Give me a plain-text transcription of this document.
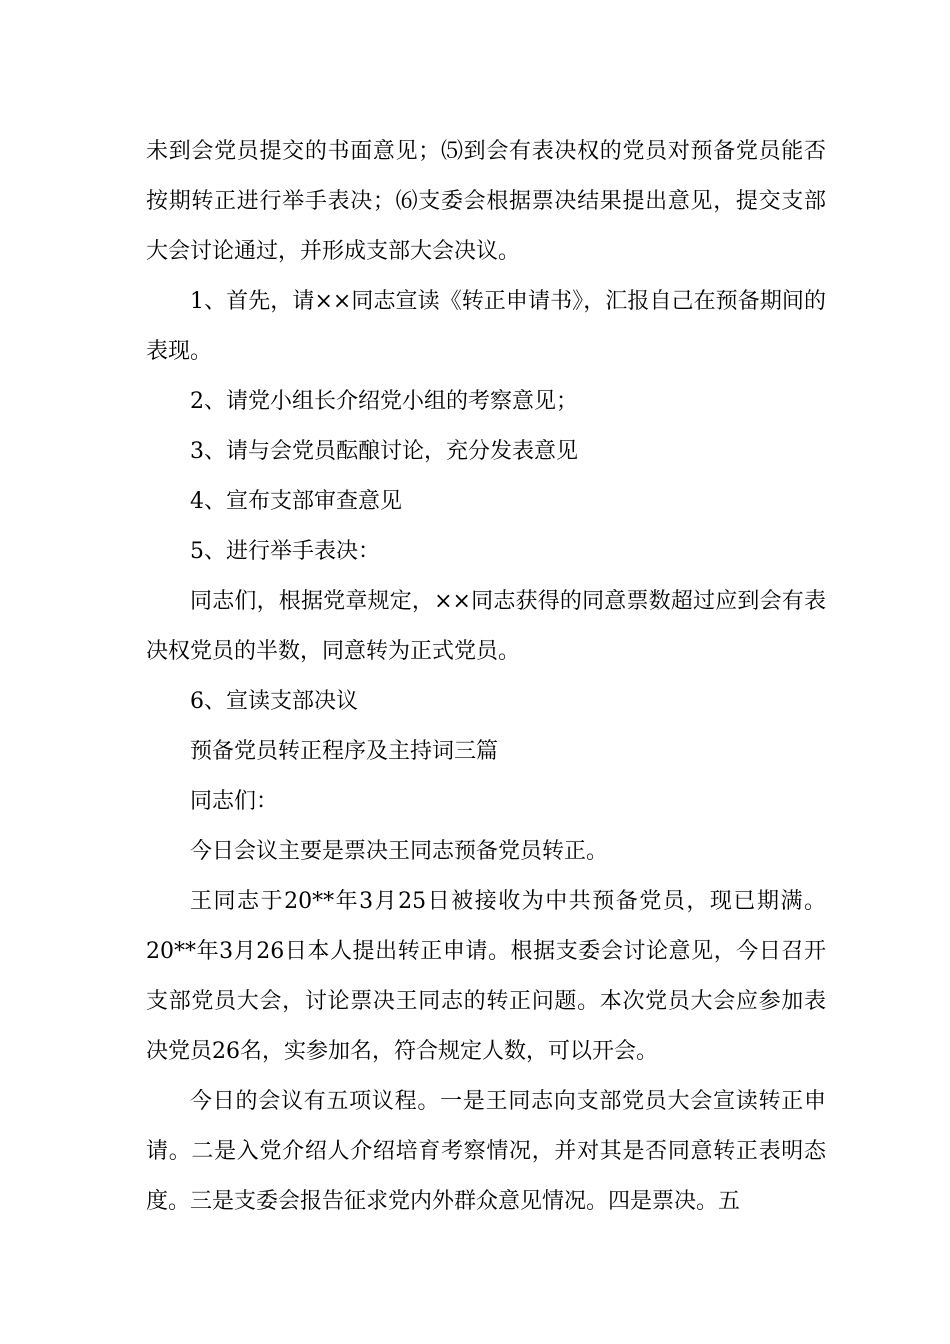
未到会党员提交的书面意见；⑸到会有表决权的党员对预备党员能否按期转正进行举手表决；⑹支委会根据票决结果提出意见，提交支部大会讨论通过，并形成支部大会决议。

1、首先，请××同志宣读《转正申请书》，汇报自己在预备期间的表现。

2、请党小组长介绍党小组的考察意见；

3、请与会党员酝酿讨论，充分发表意见

4、宣布支部审查意见

5、进行举手表决：

同志们，根据党章规定，××同志获得的同意票数超过应到会有表决权党员的半数，同意转为正式党员。

6、宣读支部决议

预备党员转正程序及主持词三篇

同志们：

今日会议主要是票决王同志预备党员转正。

王同志于20**年3月25日被接收为中共预备党员，现已期满。20**年3月26日本人提出转正申请。根据支委会讨论意见，今日召开支部党员大会，讨论票决王同志的转正问题。本次党员大会应参加表决党员26名，实参加名，符合规定人数，可以开会。

今日的会议有五项议程。一是王同志向支部党员大会宣读转正申请。二是入党介绍人介绍培育考察情况，并对其是否同意转正表明态度。三是支委会报告征求党内外群众意见情况。四是票决。五
